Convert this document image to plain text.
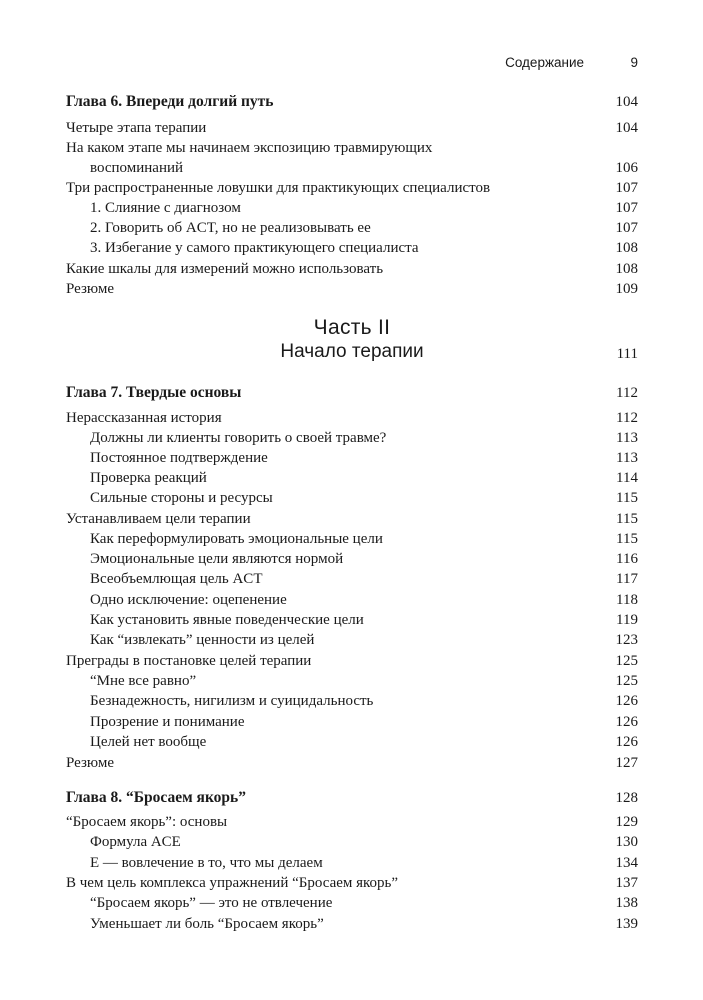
Содержание	9
Глава 6. Впереди долгий путь	104
Четыре этапа терапии	104
На каком этапе мы начинаем экспозицию травмирующих
воспоминаний	106
Три распространенные ловушки для практикующих специалистов	107
1. Слияние с диагнозом	107
2. Говорить об ACT, но не реализовывать ее	107
3. Избегание у самого практикующего специалиста	108
Какие шкалы для измерений можно использовать	108
Резюме	109
Часть II
Начало терапии	111
Глава 7. Твердые основы	112
Нерассказанная история	112
Должны ли клиенты говорить о своей травме?	113
Постоянное подтверждение	113
Проверка реакций	114
Сильные стороны и ресурсы	115
Устанавливаем цели терапии	115
Как переформулировать эмоциональные цели	115
Эмоциональные цели являются нормой	116
Всеобъемлющая цель ACT	117
Одно исключение: оцепенение	118
Как установить явные поведенческие цели	119
Как “извлекать” ценности из целей	123
Преграды в постановке целей терапии	125
“Мне все равно”	125
Безнадежность, нигилизм и суицидальность	126
Прозрение и понимание	126
Целей нет вообще	126
Резюме	127
Глава 8. “Бросаем якорь”	128
“Бросаем якорь”: основы	129
Формула ACE	130
E — вовлечение в то, что мы делаем	134
В чем цель комплекса упражнений “Бросаем якорь”	137
“Бросаем якорь” — это не отвлечение	138
Уменьшает ли боль “Бросаем якорь”	139
